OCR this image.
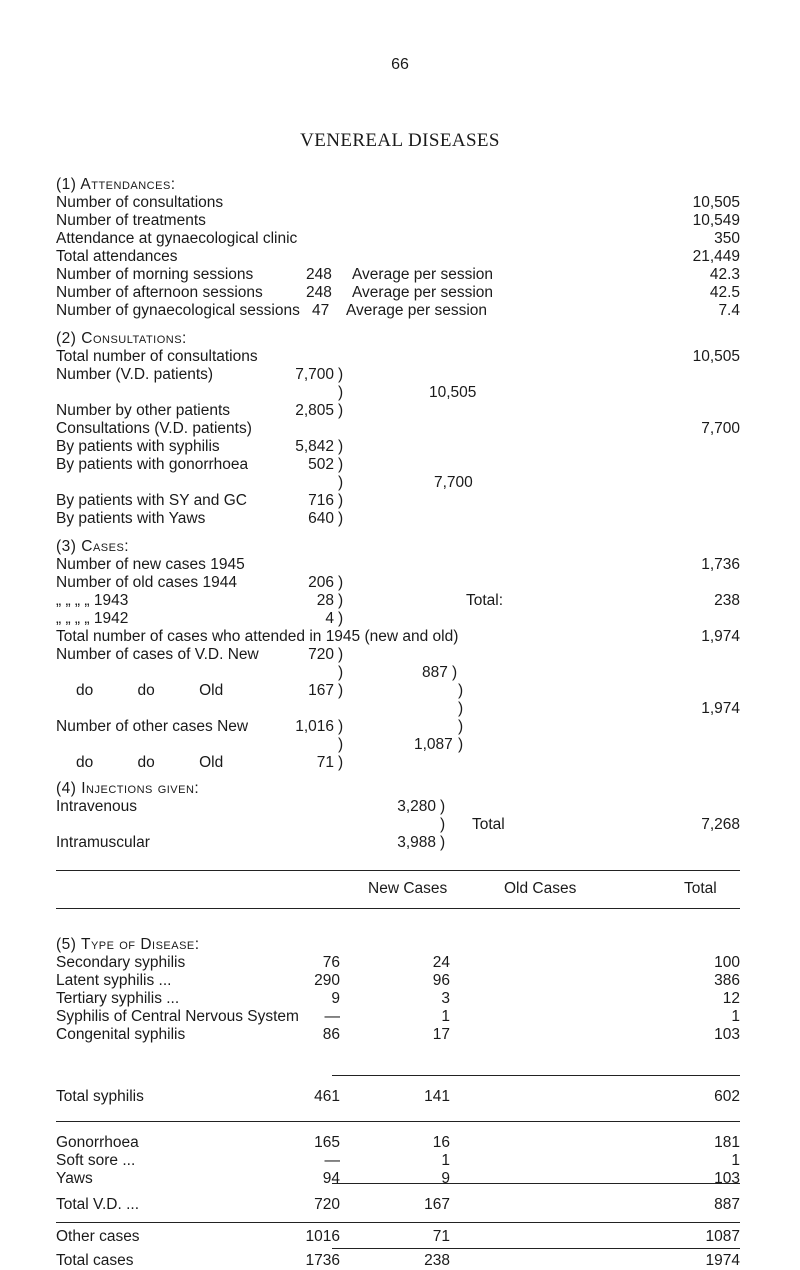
66
VENEREAL DISEASES
(1) Attendances:
Number of consultations	10,505
Number of treatments	10,549
Attendance at gynaecological clinic	350
Total attendances	21,449
Number of morning sessions	248 Average per session	42.3
Number of afternoon sessions	248 Average per session	42.5
Number of gynaecological sessions 47 Average per session	7.4
(2) Consultations:
Total number of consultations	10,505
Number (V.D. patients)	7,700 )
)	10,505
Number by other patients	2,805 )
Consultations (V.D. patients)	7,700
By patients with syphilis	5,842 )
By patients with gonorrhoea	502 )
)	7,700
By patients with SY and GC	716 )
By patients with Yaws	640 )
(3) Cases:
Number of new cases 1945	1,736
Number of old cases 1944	206 )
„ „ „ „ 1943	28 )	Total:	238
„ „ „ „ 1942	4 )
Total number of cases who attended in 1945 (new and old)	1,974
Number of cases of V.D. New	720 )
)	887 )
do do Old	167 )	)
)	1,974
Number of other cases New	1,016 )	)
)	1,087 )
do do Old	71 )
(4) Injections given:
Intravenous	3,280 )
) Total	7,268
Intramuscular	3,988 )
New Cases	Old Cases	Total
(5) Type of Disease:
Secondary syphilis	76	24	100
Latent syphilis ...	290	96	386
Tertiary syphilis ...	9	3	12
Syphilis of Central Nervous System —	1	1
Congenital syphilis	86	17	103
Total syphilis	461	141	602
Gonorrhoea	165	16	181
Soft sore ...	—	1	1
Yaws	94	9	103
Total V.D. ...	720	167	887
Other cases	1016	71	1087
Total cases	1736	238	1974
